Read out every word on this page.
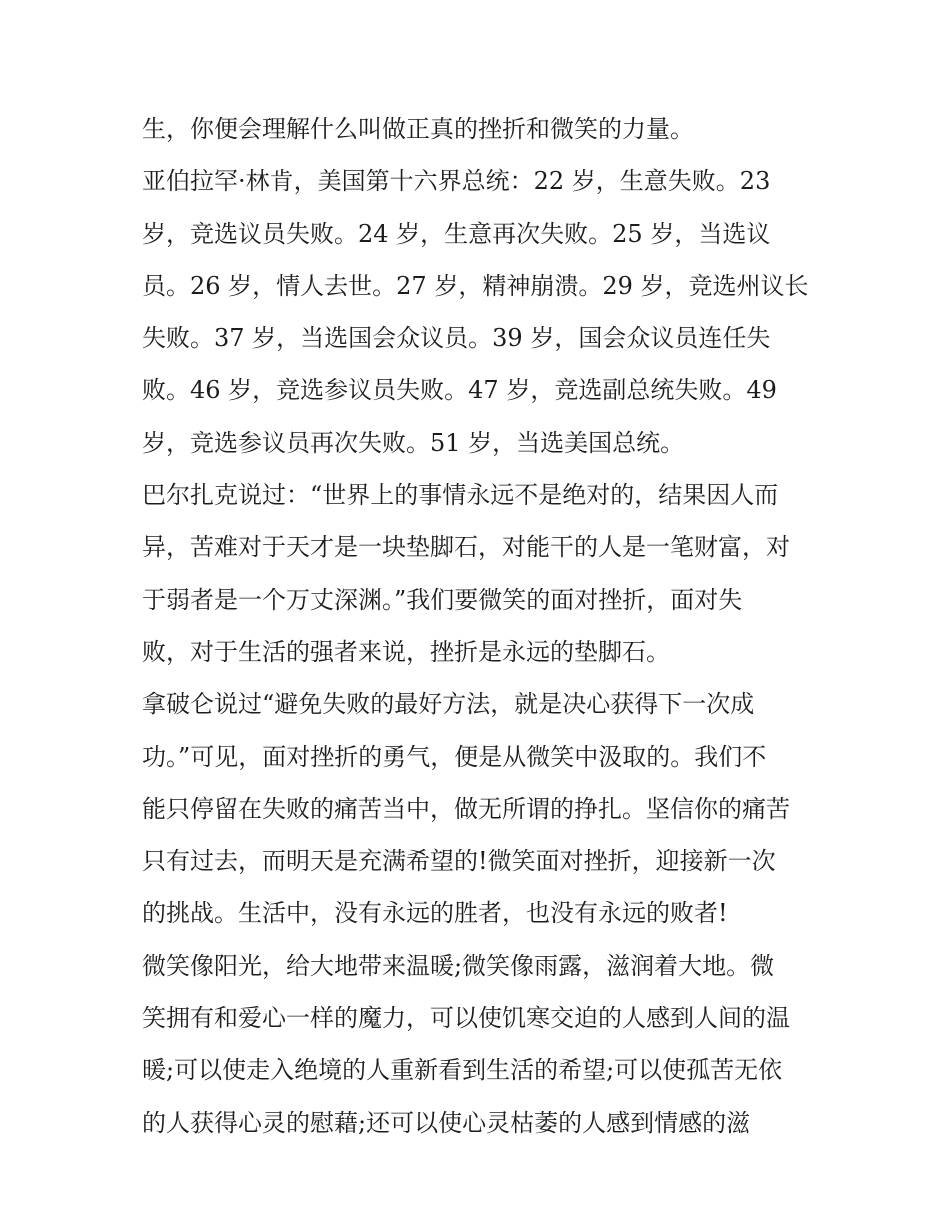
生，你便会理解什么叫做正真的挫折和微笑的力量。
亚伯拉罕·林肯，美国第十六界总统：22 岁，生意失败。23
岁，竞选议员失败。24 岁，生意再次失败。25 岁，当选议
员。26 岁，情人去世。27 岁，精神崩溃。29 岁，竞选州议长
失败。37 岁，当选国会众议员。39 岁，国会众议员连任失
败。46 岁，竞选参议员失败。47 岁，竞选副总统失败。49
岁，竞选参议员再次失败。51 岁，当选美国总统。
巴尔扎克说过：“世界上的事情永远不是绝对的，结果因人而
异，苦难对于天才是一块垫脚石，对能干的人是一笔财富，对
于弱者是一个万丈深渊。”我们要微笑的面对挫折，面对失
败，对于生活的强者来说，挫折是永远的垫脚石。
拿破仑说过“避免失败的最好方法，就是决心获得下一次成
功。”可见，面对挫折的勇气，便是从微笑中汲取的。我们不
能只停留在失败的痛苦当中，做无所谓的挣扎。坚信你的痛苦
只有过去，而明天是充满希望的!微笑面对挫折，迎接新一次
的挑战。生活中，没有永远的胜者，也没有永远的败者!
微笑像阳光，给大地带来温暖;微笑像雨露，滋润着大地。微
笑拥有和爱心一样的魔力，可以使饥寒交迫的人感到人间的温
暖;可以使走入绝境的人重新看到生活的希望;可以使孤苦无依
的人获得心灵的慰藉;还可以使心灵枯萎的人感到情感的滋
